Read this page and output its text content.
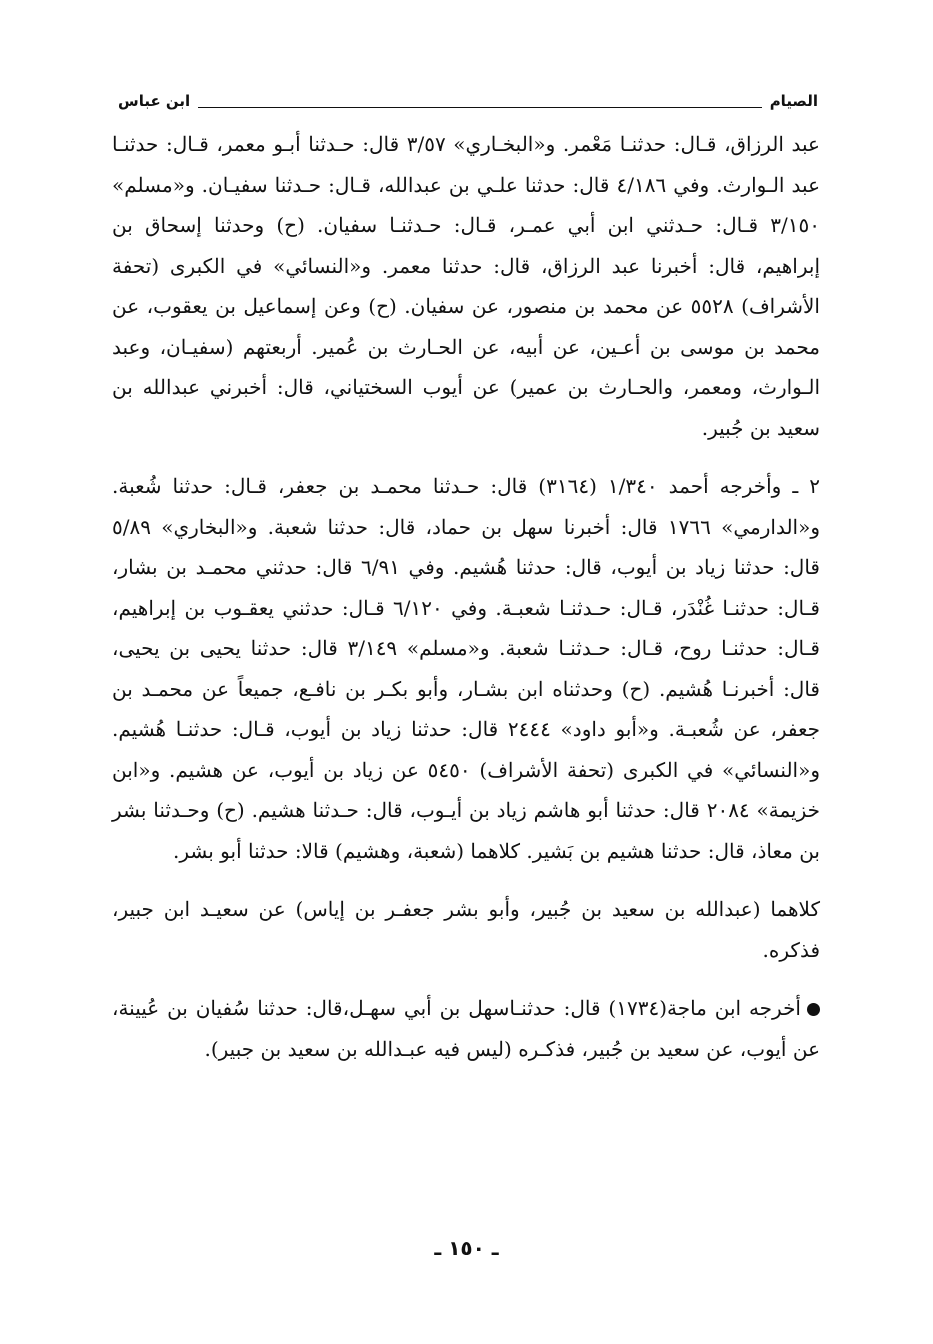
الصيام
ابن عباس

عبد الرزاق، قـال: حدثنـا مَعْمر. و«البخـاري» ٣/٥٧ قال: حـدثنا أبـو معمر، قـال: حدثنـا عبد الـوارث. وفي ٤/١٨٦ قال: حدثنا علـي بن عبدالله، قـال: حـدثنا سفيـان. و«مسلم» ٣/١٥٠ قـال: حـدثني ابن أبي عمـر، قـال: حـدثنـا سفيان. (ح) وحدثنا إسحاق بن إبراهيم، قال: أخبرنا عبد الرزاق، قال: حدثنا معمر. و«النسائي» في الكبرى (تحفة الأشراف) ٥٥٢٨ عن محمد بن منصور، عن سفيان. (ح) وعن إسماعيل بن يعقوب، عن محمد بن موسى بن أعـين، عن أبيه، عن الحـارث بن عُمير. أربعتهم (سفيـان، وعبد الـوارث، ومعمر، والحـارث بن عمير) عن أيوب السختياني، قال: أخبرني عبدالله بن سعيد بن جُبير.

٢ ـ وأخرجه أحمد ١/٣٤٠ (٣١٦٤) قال: حـدثنا محمـد بن جعفر، قـال: حدثنا شُعبة. و«الدارمي» ١٧٦٦ قال: أخبرنا سهل بن حماد، قال: حدثنا شعبة. و«البخاري» ٥/٨٩ قال: حدثنا زياد بن أيوب، قال: حدثنا هُشيم. وفي ٦/٩١ قال: حدثني محمـد بن بشار، قـال: حدثنـا غُنْدَر، قـال: حـدثنـا شعبـة. وفي ٦/١٢٠ قـال: حدثني يعقـوب بن إبراهيم، قـال: حدثنـا روح، قـال: حـدثنـا شعبة. و«مسلم» ٣/١٤٩ قال: حدثنا يحيى بن يحيى، قال: أخبرنـا هُشيم. (ح) وحدثناه ابن بشـار، وأبو بكـر بن نافـع، جميعاً عن محمـد بن جعفر، عن شُعبـة. و«أبو داود» ٢٤٤٤ قال: حدثنا زياد بن أيوب، قـال: حدثنـا هُشيم. و«النسائي» في الكبرى (تحفة الأشراف) ٥٤٥٠ عن زياد بن أيوب، عن هشيم. و«ابن خزيمة» ٢٠٨٤ قال: حدثنا أبو هاشم زياد بن أيـوب، قال: حـدثنا هشيم. (ح) وحـدثنا بشر بن معاذ، قال: حدثنا هشيم بن بَشير. كلاهما (شعبة، وهشيم) قالا: حدثنا أبو بشر.

كلاهما (عبدالله بن سعيد بن جُبير، وأبو بشر جعفـر بن إياس) عن سعيـد ابن جبير، فذكره.

أخرجه ابن ماجة(١٧٣٤) قال: حدثنـاسهل بن أبي سهـل،قال: حدثنا سُفيان بن عُيينة، عن أيوب، عن سعيد بن جُبير، فذكـره (ليس فيه عبـدالله بن سعيد بن جبير).

ـ ١٥٠ ـ
